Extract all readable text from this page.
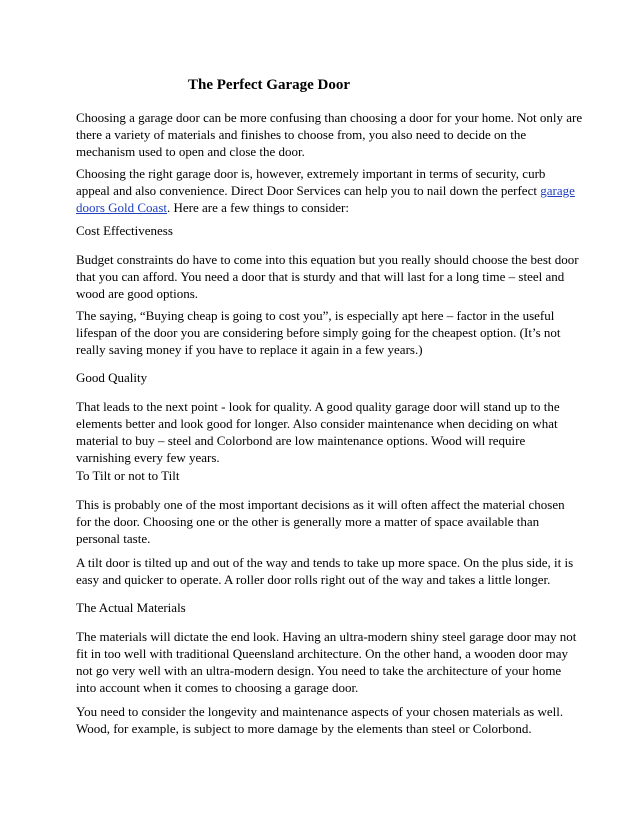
The Perfect Garage Door

Choosing a garage door can be more confusing than choosing a door for your home. Not only are
there a variety of materials and finishes to choose from, you also need to decide on the
mechanism used to open and close the door.

Choosing the right garage door is, however, extremely important in terms of security, curb
appeal and also convenience. Direct Door Services can help you to nail down the perfect garage
doors Gold Coast. Here are a few things to consider:

Cost Effectiveness

Budget constraints do have to come into this equation but you really should choose the best door
that you can afford. You need a door that is sturdy and that will last for a long time – steel and
wood are good options.

The saying, “Buying cheap is going to cost you”, is especially apt here – factor in the useful
lifespan of the door you are considering before simply going for the cheapest option. (It’s not
really saving money if you have to replace it again in a few years.)

Good Quality

That leads to the next point - look for quality. A good quality garage door will stand up to the
elements better and look good for longer. Also consider maintenance when deciding on what
material to buy – steel and Colorbond are low maintenance options. Wood will require
varnishing every few years.

To Tilt or not to Tilt

This is probably one of the most important decisions as it will often affect the material chosen
for the door. Choosing one or the other is generally more a matter of space available than
personal taste.

A tilt door is tilted up and out of the way and tends to take up more space. On the plus side, it is
easy and quicker to operate. A roller door rolls right out of the way and takes a little longer.

The Actual Materials

The materials will dictate the end look. Having an ultra-modern shiny steel garage door may not
fit in too well with traditional Queensland architecture. On the other hand, a wooden door may
not go very well with an ultra-modern design. You need to take the architecture of your home
into account when it comes to choosing a garage door.

You need to consider the longevity and maintenance aspects of your chosen materials as well.
Wood, for example, is subject to more damage by the elements than steel or Colorbond.
